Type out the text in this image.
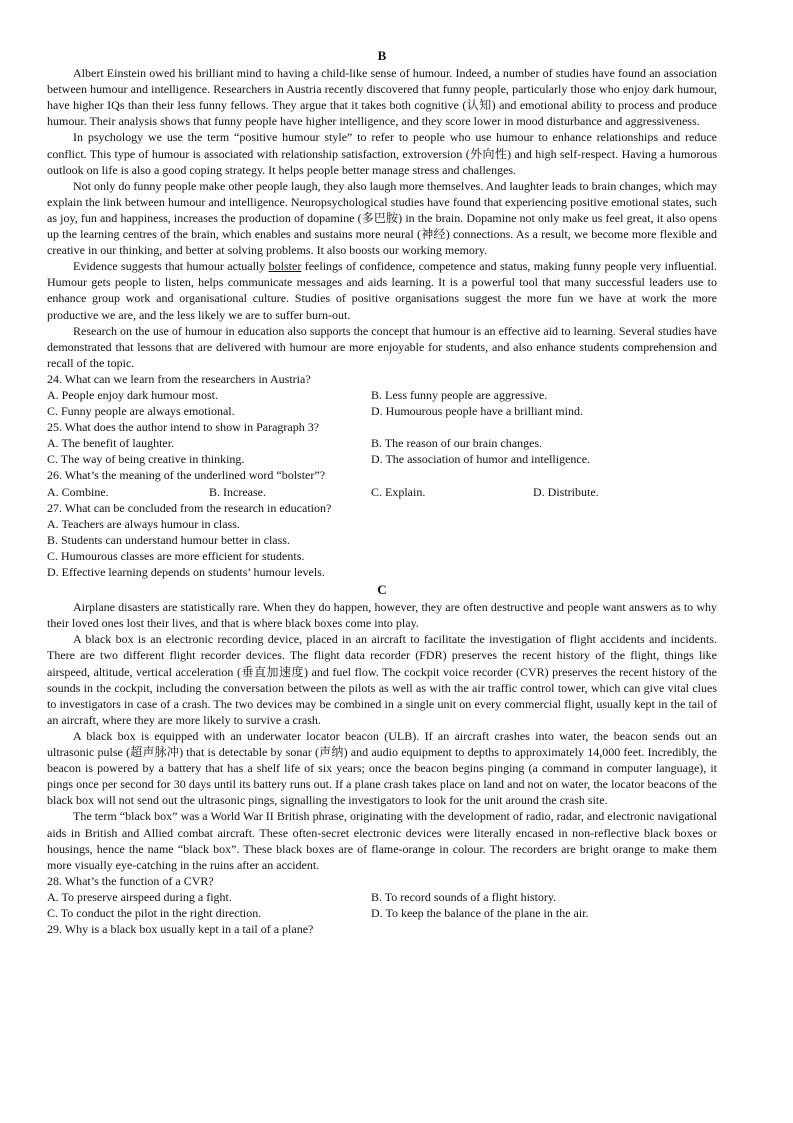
B

Albert Einstein owed his brilliant mind to having a child-like sense of humour. Indeed, a number of studies have found an association between humour and intelligence. Researchers in Austria recently discovered that funny people, particularly those who enjoy dark humour, have higher IQs than their less funny fellows. They argue that it takes both cognitive (认知) and emotional ability to process and produce humour. Their analysis shows that funny people have higher intelligence, and they score lower in mood disturbance and aggressiveness.

In psychology we use the term “positive humour style” to refer to people who use humour to enhance relationships and reduce conflict. This type of humour is associated with relationship satisfaction, extroversion (外向性) and high self-respect. Having a humorous outlook on life is also a good coping strategy. It helps people better manage stress and challenges.

Not only do funny people make other people laugh, they also laugh more themselves. And laughter leads to brain changes, which may explain the link between humour and intelligence. Neuropsychological studies have found that experiencing positive emotional states, such as joy, fun and happiness, increases the production of dopamine (多巴胺) in the brain. Dopamine not only make us feel great, it also opens up the learning centres of the brain, which enables and sustains more neural (神经) connections. As a result, we become more flexible and creative in our thinking, and better at solving problems. It also boosts our working memory.

Evidence suggests that humour actually bolster feelings of confidence, competence and status, making funny people very influential. Humour gets people to listen, helps communicate messages and aids learning. It is a powerful tool that many successful leaders use to enhance group work and organisational culture. Studies of positive organisations suggest the more fun we have at work the more productive we are, and the less likely we are to suffer burn-out.

Research on the use of humour in education also supports the concept that humour is an effective aid to learning. Several studies have demonstrated that lessons that are delivered with humour are more enjoyable for students, and also enhance students comprehension and recall of the topic.

24. What can we learn from the researchers in Austria?
A. People enjoy dark humour most.	B. Less funny people are aggressive.
C. Funny people are always emotional.	D. Humourous people have a brilliant mind.
25. What does the author intend to show in Paragraph 3?
A. The benefit of laughter.	B. The reason of our brain changes.
C. The way of being creative in thinking.	D. The association of humor and intelligence.
26. What’s the meaning of the underlined word “bolster”?
A. Combine.	B. Increase.	C. Explain.	D. Distribute.
27. What can be concluded from the research in education?
A. Teachers are always humour in class.
B. Students can understand humour better in class.
C. Humourous classes are more efficient for students.
D. Effective learning depends on students’ humour levels.
C

Airplane disasters are statistically rare. When they do happen, however, they are often destructive and people want answers as to why their loved ones lost their lives, and that is where black boxes come into play.

A black box is an electronic recording device, placed in an aircraft to facilitate the investigation of flight accidents and incidents. There are two different flight recorder devices. The flight data recorder (FDR) preserves the recent history of the flight, things like airspeed, altitude, vertical acceleration (垂直加速度) and fuel flow. The cockpit voice recorder (CVR) preserves the recent history of the sounds in the cockpit, including the conversation between the pilots as well as with the air traffic control tower, which can give vital clues to investigators in case of a crash. The two devices may be combined in a single unit on every commercial flight, usually kept in the tail of an aircraft, where they are more likely to survive a crash.

A black box is equipped with an underwater locator beacon (ULB). If an aircraft crashes into water, the beacon sends out an ultrasonic pulse (超声脉冲) that is detectable by sonar (声纳) and audio equipment to depths to approximately 14,000 feet. Incredibly, the beacon is powered by a battery that has a shelf life of six years; once the beacon begins pinging (a command in computer language), it pings once per second for 30 days until its battery runs out. If a plane crash takes place on land and not on water, the locator beacons of the black box will not send out the ultrasonic pings, signalling the investigators to look for the unit around the crash site.

The term “black box” was a World War II British phrase, originating with the development of radio, radar, and electronic navigational aids in British and Allied combat aircraft. These often-secret electronic devices were literally encased in non-reflective black boxes or housings, hence the name “black box”. These black boxes are of flame-orange in colour. The recorders are bright orange to make them more visually eye-catching in the ruins after an accident.

28. What’s the function of a CVR?
A. To preserve airspeed during a fight.	B. To record sounds of a flight history.
C. To conduct the pilot in the right direction.	D. To keep the balance of the plane in the air.
29. Why is a black box usually kept in a tail of a plane?
